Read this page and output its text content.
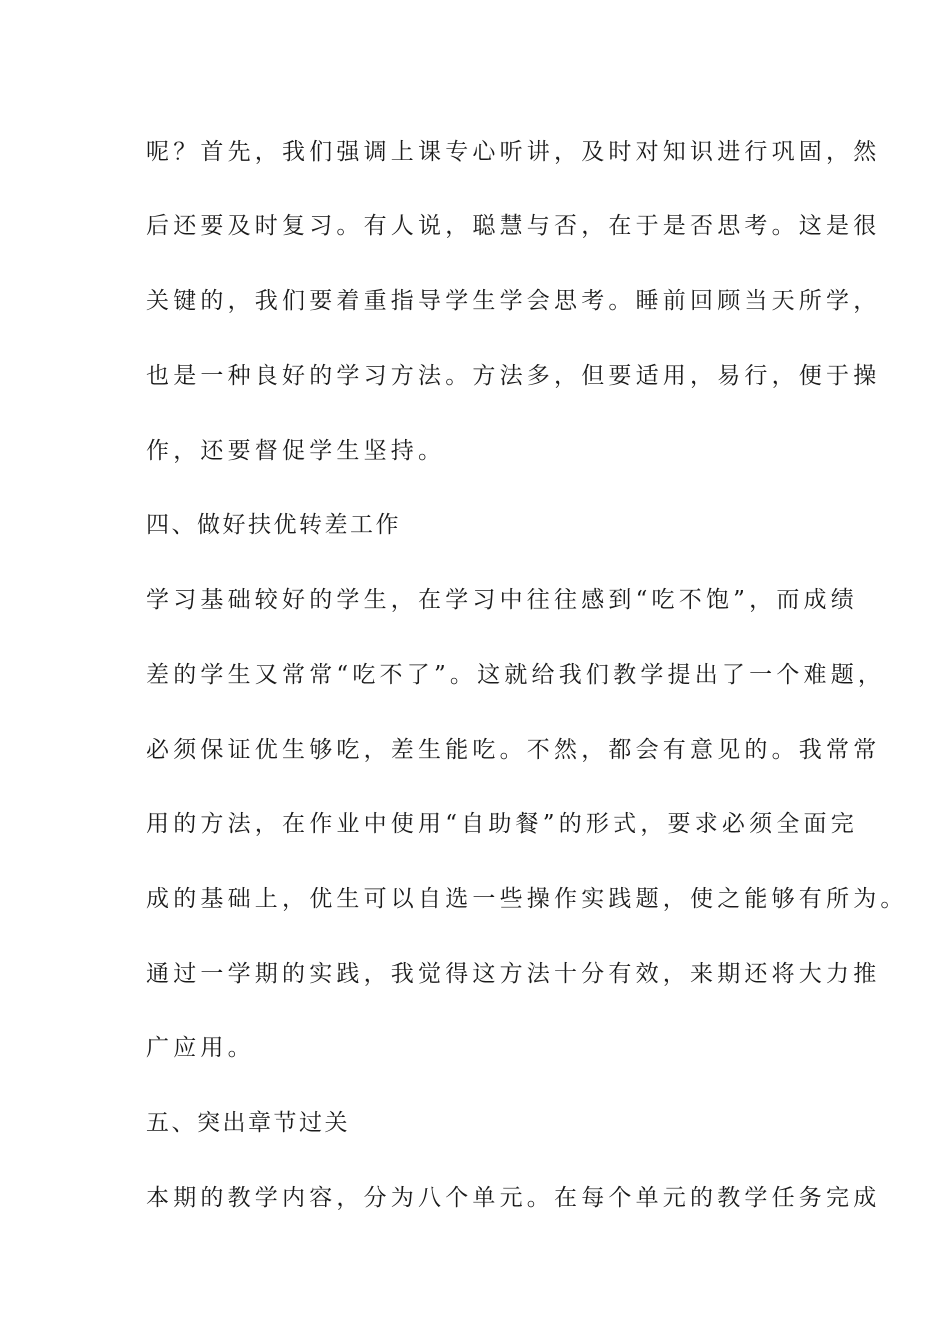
呢？首先，我们强调上课专心听讲，及时对知识进行巩固，然
后还要及时复习。有人说，聪慧与否，在于是否思考。这是很
关键的，我们要着重指导学生学会思考。睡前回顾当天所学，
也是一种良好的学习方法。方法多，但要适用，易行，便于操
作，还要督促学生坚持。
四、做好扶优转差工作
学习基础较好的学生，在学习中往往感到“吃不饱”，而成绩
差的学生又常常“吃不了”。这就给我们教学提出了一个难题，
必须保证优生够吃，差生能吃。不然，都会有意见的。我常常
用的方法，在作业中使用“自助餐”的形式，要求必须全面完
成的基础上，优生可以自选一些操作实践题，使之能够有所为。
通过一学期的实践，我觉得这方法十分有效，来期还将大力推
广应用。
五、突出章节过关
本期的教学内容，分为八个单元。在每个单元的教学任务完成
